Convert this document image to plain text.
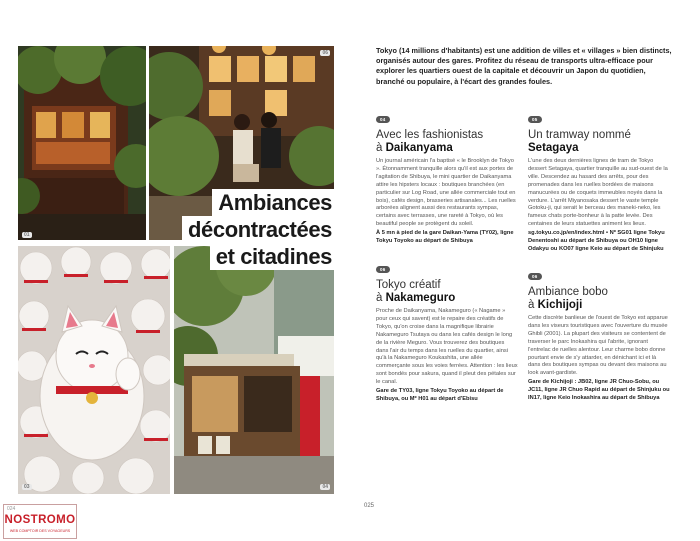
01
06
03	04
Ambiances
décontractées
et citadines

Tokyo (14 millions d'habitants) est une addition de villes et « villages » bien distincts, organisés autour des gares. Profitez du réseau de transports ultra-efficace pour explorer les quartiers ouest de la capitale et découvrir un Japon du quotidien, branché ou populaire, à l'écart des grandes foules.

04
Avec les fashionistas
à Daikanyama

Un journal américain l'a baptisé « le Brooklyn de Tokyo ». Étonnamment tranquille alors qu'il est aux portes de l'agitation de Shibuya, le mini quartier de Daikanyama attire les hipsters locaux : boutiques branchées (en particulier sur Log Road, une allée commerciale tout en bois), cafés design, brasseries artisanales... Les ruelles arborées alignent aussi des restaurants sympas, certains avec terrasses, une rareté à Tokyo, où les beautiful people se protègent du soleil.

À 5 mn à pied de la gare Daikan-Yama (TY02), ligne Tokyu Toyoko au départ de Shibuya

05
Un tramway nommé
Setagaya

L'une des deux dernières lignes de tram de Tokyo dessert Setagaya, quartier tranquille au sud-ouest de la ville. Descendez au hasard des arrêts, pour des promenades dans les ruelles bordées de maisons manucurées ou de coquets immeubles noyés dans la verdure. L'arrêt Miyanosaka dessert le vaste temple Gotoku-ji, qui serait le berceau des maneki-neko, les fameux chats porte-bonheur à la patte levée. Des centaines de leurs statuettes animent les lieux.

sg.tokyu.co.jp/en/index.html • Nº SG01 ligne Tokyu Denentoshi au départ de Shibuya ou OH10 ligne Odakyu ou KO07 ligne Keio au départ de Shinjuku

06
Tokyo créatif
à Nakameguro

Proche de Daikanyama, Nakameguro (« Nagame » pour ceux qui savent) est le repaire des créatifs de Tokyo, qu'on croise dans la magnifique librairie Nakameguro Tsutaya ou dans les cafés design le long de la rivière Meguro. Vous trouverez des boutiques dans l'air du temps dans les ruelles du quartier, ainsi qu'à la Nakameguro Koukashita, une allée commerçante sous les voies ferrées. Attention : les lieux sont bondés pour sakura, quand il pleut des pétales sur le canal.

Gare de TY03, ligne Tokyu Toyoko au départ de Shibuya, ou Mº H01 au départ d'Ebisu

06
Ambiance bobo
à Kichijoji

Cette discrète banlieue de l'ouest de Tokyo est apparue dans les viseurs touristiques avec l'ouverture du musée Ghibli (2001). La plupart des visiteurs se contentent de traverser le parc Inokashira qui l'abrite, ignorant l'entrelac de ruelles alentour. Leur charme bobo donne pourtant envie de s'y attarder, en dénichant ici et là dans des boutiques sympas ou devant des maisons au look avant-gardiste.

Gare de Kichijoji : JB02, ligne JR Chuo-Sobu, ou JC11, ligne JR Chuo Rapid au départ de Shinjuku ou IN17, ligne Keio Inokashira au départ de Shibuya

025
024
NOSTROMO
WEB COMPTOIR DES VOYAGEURS
